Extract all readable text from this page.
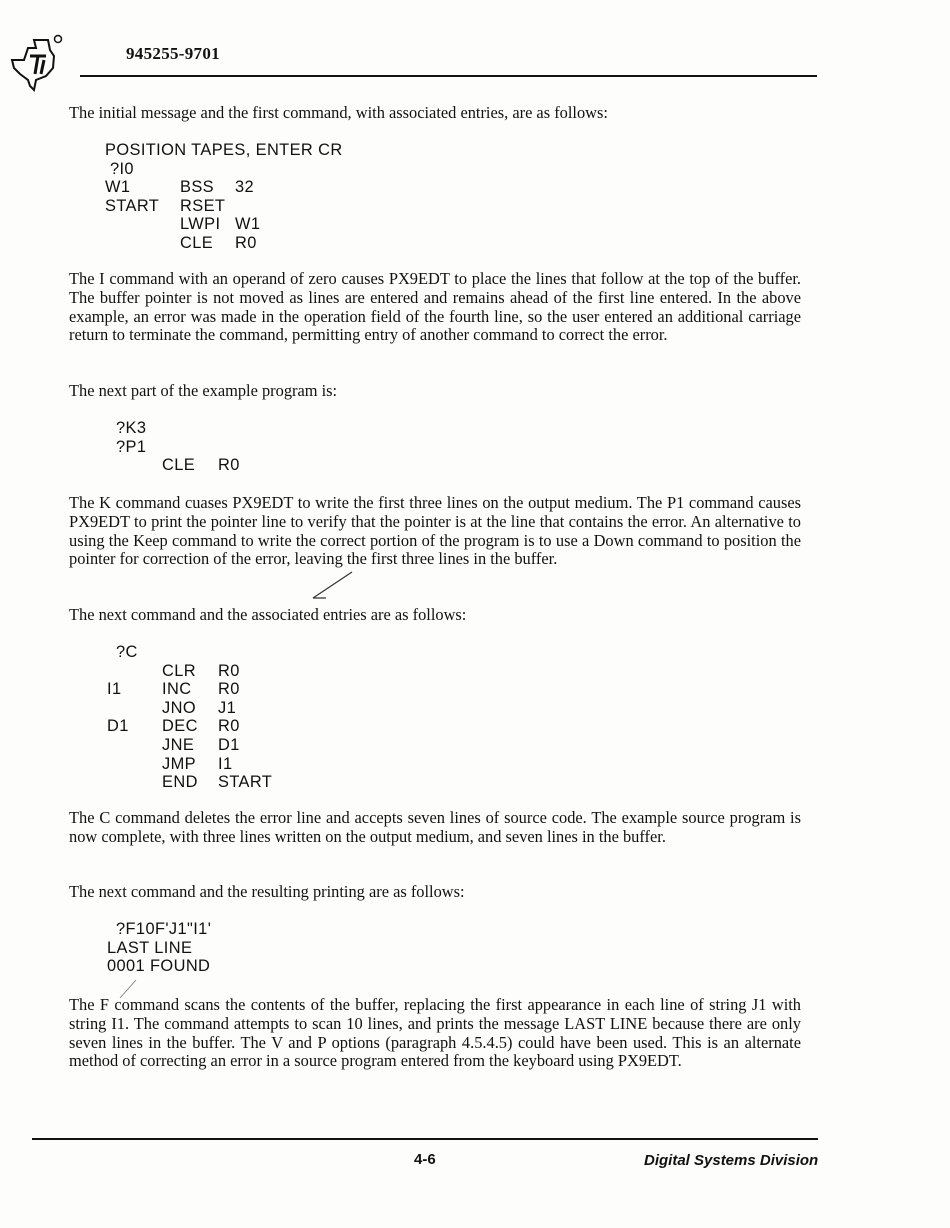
945255-9701

The initial message and the first command, with associated entries, are as follows:

POSITION TAPES, ENTER CR
?I0

W1

	BSS

32

START

RSET

LWPI

W1

CLE

R0

The I command with an operand of zero causes PX9EDT to place the lines that follow at the top of the buffer. The buffer pointer is not moved as lines are entered and remains ahead of the first line entered. In the above example, an error was made in the operation field of the fourth line, so the user entered an additional carriage return to terminate the command, permitting entry of another command to correct the error.

The next part of the example program is:

?K3
?P1

CLE

R0

The K command cuases PX9EDT to write the first three lines on the output medium. The P1 command causes PX9EDT to print the pointer line to verify that the pointer is at the line that contains the error. An alternative to using the Keep command to write the correct portion of the program is to use a Down command to position the pointer for correction of the error, leaving the first three lines in the buffer.

The next command and the associated entries are as follows:

?C

CLR

R0

I1

INC

R0

JNO

J1

D1

DEC

R0

JNE

D1

JMP

I1

END

START

The C command deletes the error line and accepts seven lines of source code. The example source program is now complete, with three lines written on the output medium, and seven lines in the buffer.

The next command and the resulting printing are as follows:

?F10F'J1"I1'
LAST LINE
0001 FOUND

The F command scans the contents of the buffer, replacing the first appearance in each line of string J1 with string I1. The command attempts to scan 10 lines, and prints the message LAST LINE because there are only seven lines in the buffer. The V and P options (paragraph 4.5.4.5) could have been used. This is an alternate method of correcting an error in a source program entered from the keyboard using PX9EDT.

4-6	Digital Systems Division
